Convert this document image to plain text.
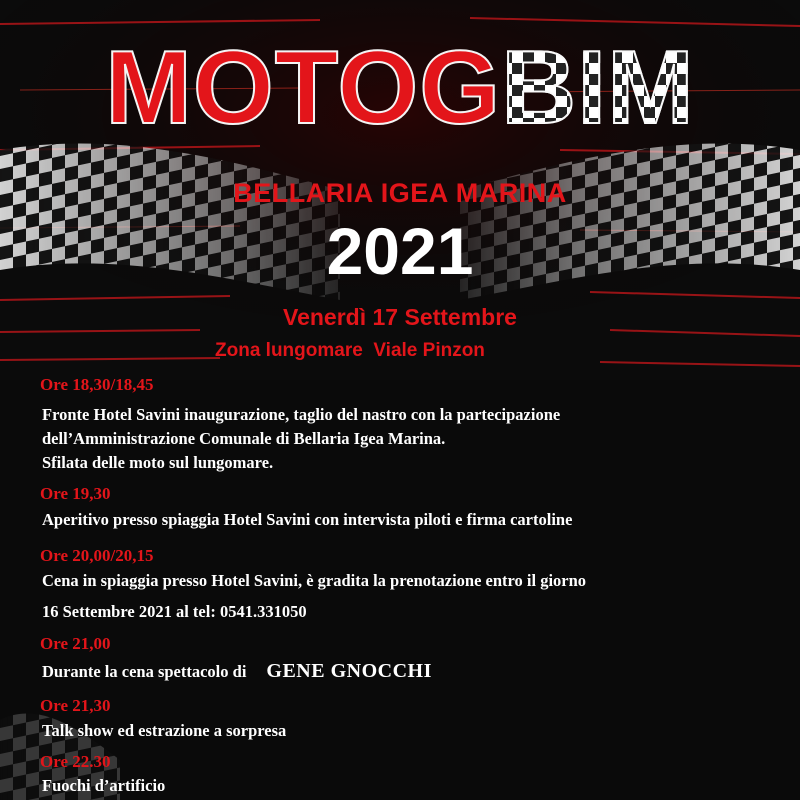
MOTOGBIM
BELLARIA IGEA MARINA
2021
Venerdì 17 Settembre
Zona lungomare  Viale Pinzon
Ore 18,30/18,45
Fronte Hotel Savini inaugurazione, taglio del nastro con la partecipazione
dell’Amministrazione Comunale di Bellaria Igea Marina.
Sfilata delle moto sul lungomare.
Ore 19,30
Aperitivo presso spiaggia Hotel Savini con intervista piloti e firma cartoline
Ore 20,00/20,15
Cena in spiaggia presso Hotel Savini, è gradita la prenotazione entro il giorno
16 Settembre 2021 al tel: 0541.331050
Ore 21,00
Durante la cena spettacolo di GENE GNOCCHI
Ore 21,30
Talk show ed estrazione a sorpresa
Ore 22.30
Fuochi d’artificio
